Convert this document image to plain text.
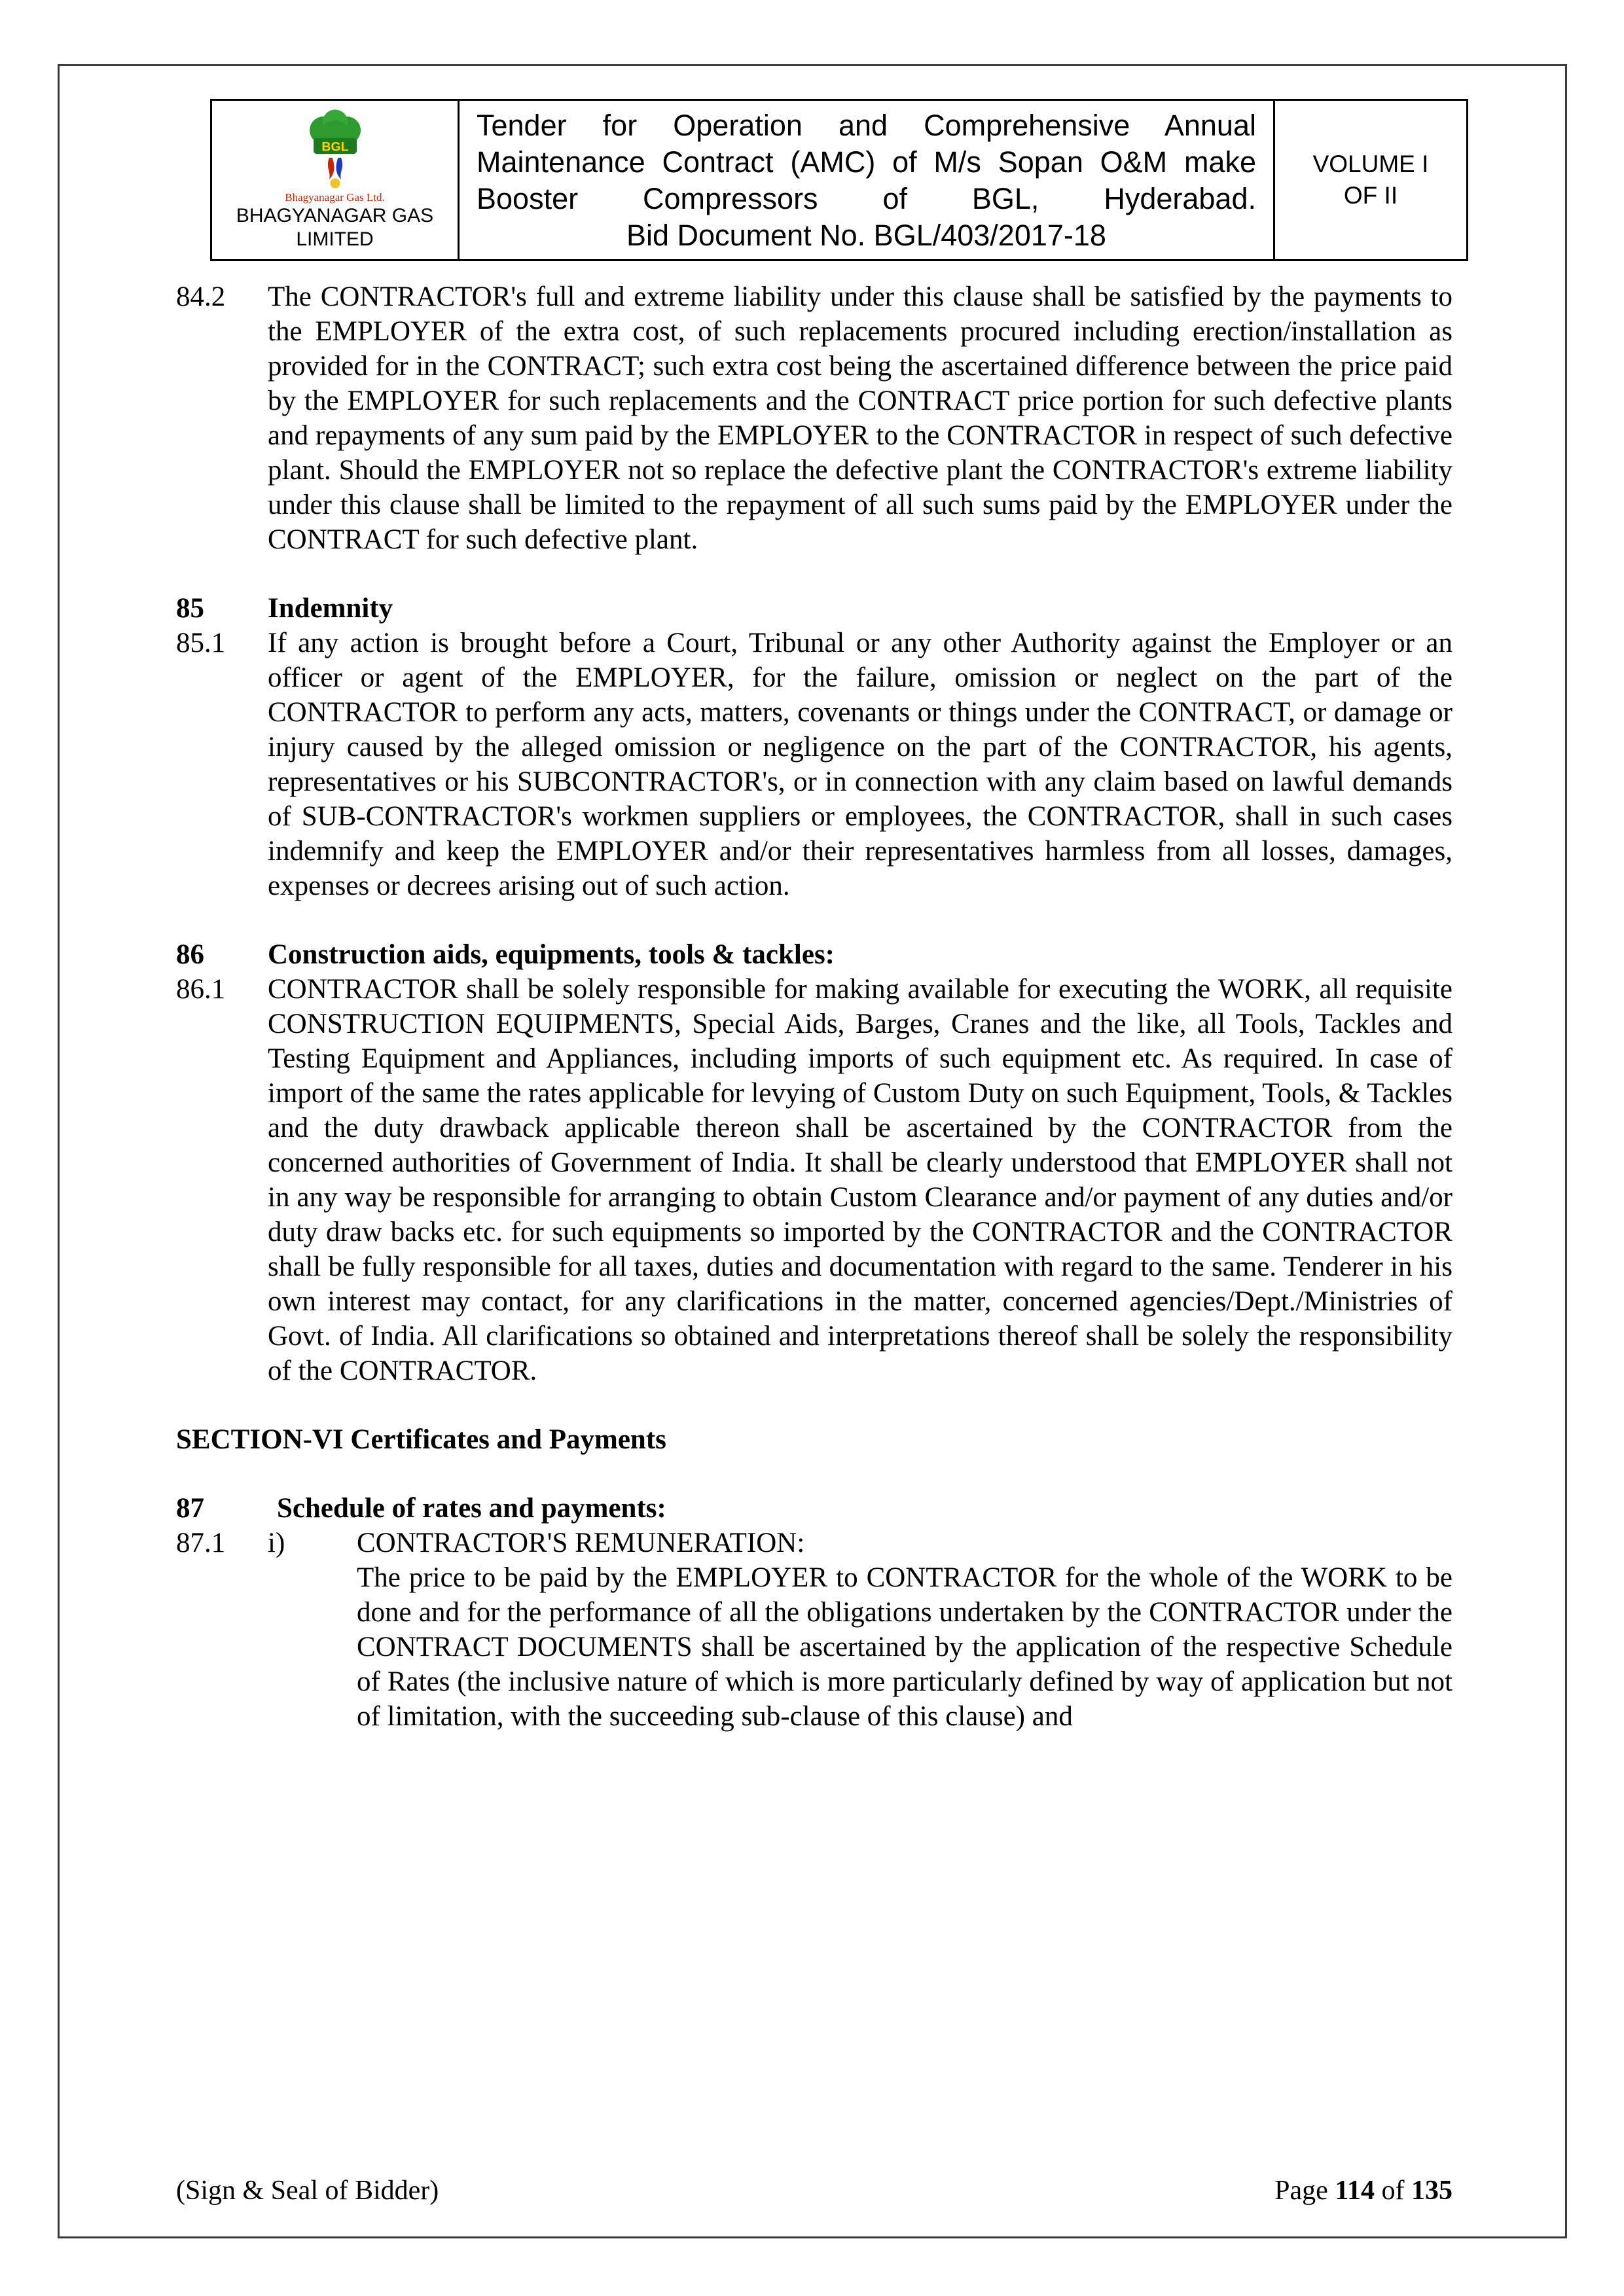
BGL
Bhagyanagar Gas Ltd.
BHAGYANAGAR GAS
LIMITED
Tender for Operation and Comprehensive Annual Maintenance Contract (AMC) of M/s Sopan O&M make Booster Compressors of BGL, Hyderabad.
Bid Document No. BGL/403/2017-18
VOLUME I
OF II
84.2	The CONTRACTOR's full and extreme liability under this clause shall be satisfied by the payments to the EMPLOYER of the extra cost, of such replacements procured including erection/installation as provided for in the CONTRACT; such extra cost being the ascertained difference between the price paid by the EMPLOYER for such replacements and the CONTRACT price portion for such defective plants and repayments of any sum paid by the EMPLOYER to the CONTRACTOR in respect of such defective plant. Should the EMPLOYER not so replace the defective plant the CONTRACTOR's extreme liability under this clause shall be limited to the repayment of all such sums paid by the EMPLOYER under the CONTRACT for such defective plant.
85	Indemnity
85.1	If any action is brought before a Court, Tribunal or any other Authority against the Employer or an officer or agent of the EMPLOYER, for the failure, omission or neglect on the part of the CONTRACTOR to perform any acts, matters, covenants or things under the CONTRACT, or damage or injury caused by the alleged omission or negligence on the part of the CONTRACTOR, his agents, representatives or his SUBCONTRACTOR's, or in connection with any claim based on lawful demands of SUB-CONTRACTOR's workmen suppliers or employees, the CONTRACTOR, shall in such cases indemnify and keep the EMPLOYER and/or their representatives harmless from all losses, damages, expenses or decrees arising out of such action.
86	Construction aids, equipments, tools & tackles:
86.1	CONTRACTOR shall be solely responsible for making available for executing the WORK, all requisite CONSTRUCTION EQUIPMENTS, Special Aids, Barges, Cranes and the like, all Tools, Tackles and Testing Equipment and Appliances, including imports of such equipment etc. As required. In case of import of the same the rates applicable for levying of Custom Duty on such Equipment, Tools, & Tackles and the duty drawback applicable thereon shall be ascertained by the CONTRACTOR from the concerned authorities of Government of India. It shall be clearly understood that EMPLOYER shall not in any way be responsible for arranging to obtain Custom Clearance and/or payment of any duties and/or duty draw backs etc. for such equipments so imported by the CONTRACTOR and the CONTRACTOR shall be fully responsible for all taxes, duties and documentation with regard to the same. Tenderer in his own interest may contact, for any clarifications in the matter, concerned agencies/Dept./Ministries of Govt. of India. All clarifications so obtained and interpretations thereof shall be solely the responsibility of the CONTRACTOR.
SECTION-VI Certificates and Payments
87	Schedule of rates and payments:
87.1	i)	CONTRACTOR'S REMUNERATION:
The price to be paid by the EMPLOYER to CONTRACTOR for the whole of the WORK to be done and for the performance of all the obligations undertaken by the CONTRACTOR under the CONTRACT DOCUMENTS shall be ascertained by the application of the respective Schedule of Rates (the inclusive nature of which is more particularly defined by way of application but not of limitation, with the succeeding sub-clause of this clause) and
(Sign & Seal of Bidder)	Page 114 of 135
